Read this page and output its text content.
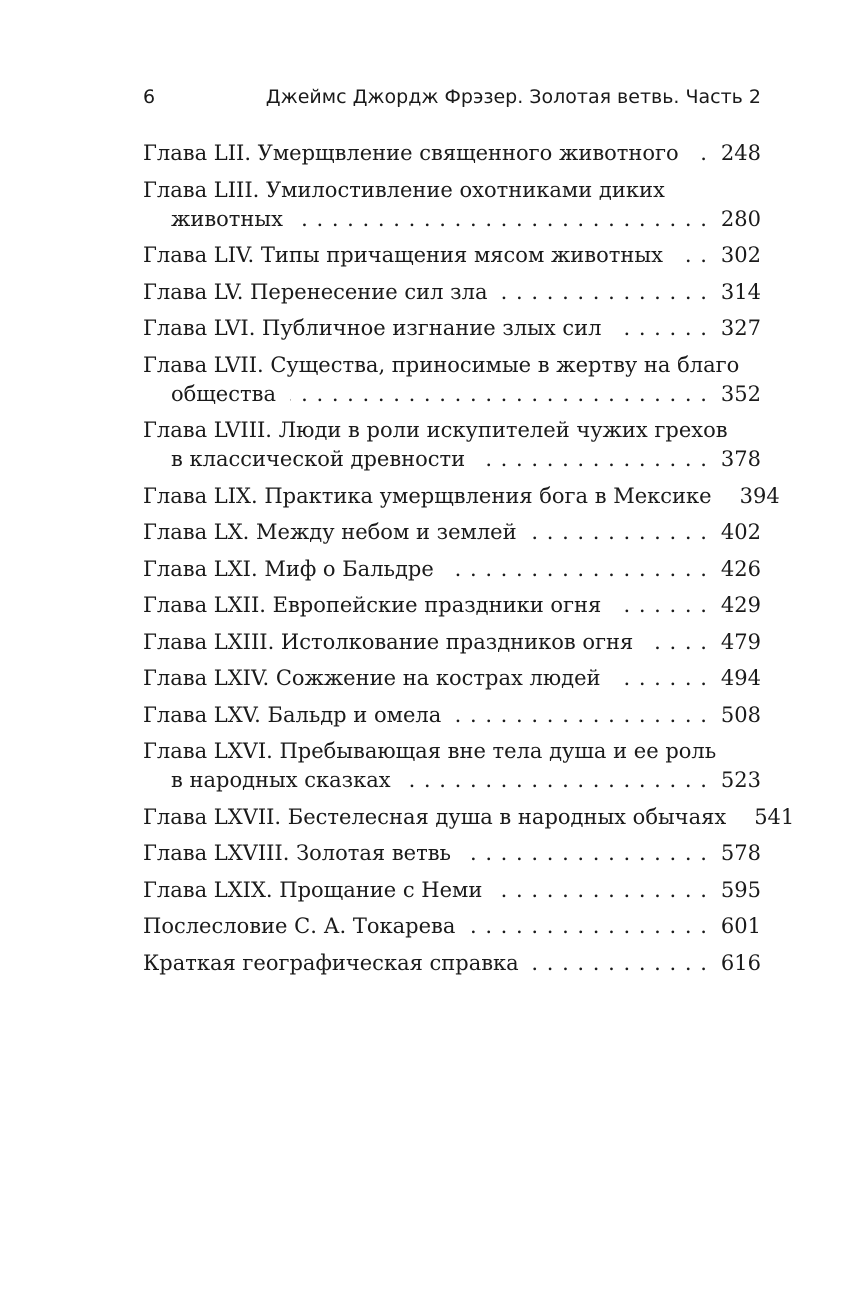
6	Джеймс Джордж Фрэзер. Золотая ветвь. Часть 2
Глава LII. Умерщвление священного животного . . . 248
Глава LIII. Умилостивление охотниками диких
животных . . .	280
Глава LIV. Типы причащения мясом животных . . .	302
Глава LV. Перенесение сил зла . . .	314
Глава LVI. Публичное изгнание злых сил . . .	327
Глава LVII. Существа, приносимые в жертву на благо
общества . . .	352
Глава LVIII. Люди в роли искупителей чужих грехов
в классической древности . . .	378
Глава LIX. Практика умерщвления бога в Мексике 394
Глава LX. Между небом и землей . . .	402
Глава LXI. Миф о Бальдре . . .	426
Глава LXII. Европейские праздники огня . . .	429
Глава LXIII. Истолкование праздников огня . . .	479
Глава LXIV. Сожжение на кострах людей . . .	494
Глава LXV. Бальдр и омела . . .	508
Глава LXVI. Пребывающая вне тела душа и ее роль
в народных сказках . . .	523
Глава LXVII. Бестелесная душа в народных обычаях 541
Глава LXVIII. Золотая ветвь . . .	578
Глава LXIX. Прощание с Неми . . .	595
Послесловие С. А. Токарева . . .	601
Краткая географическая справка . . .	616
